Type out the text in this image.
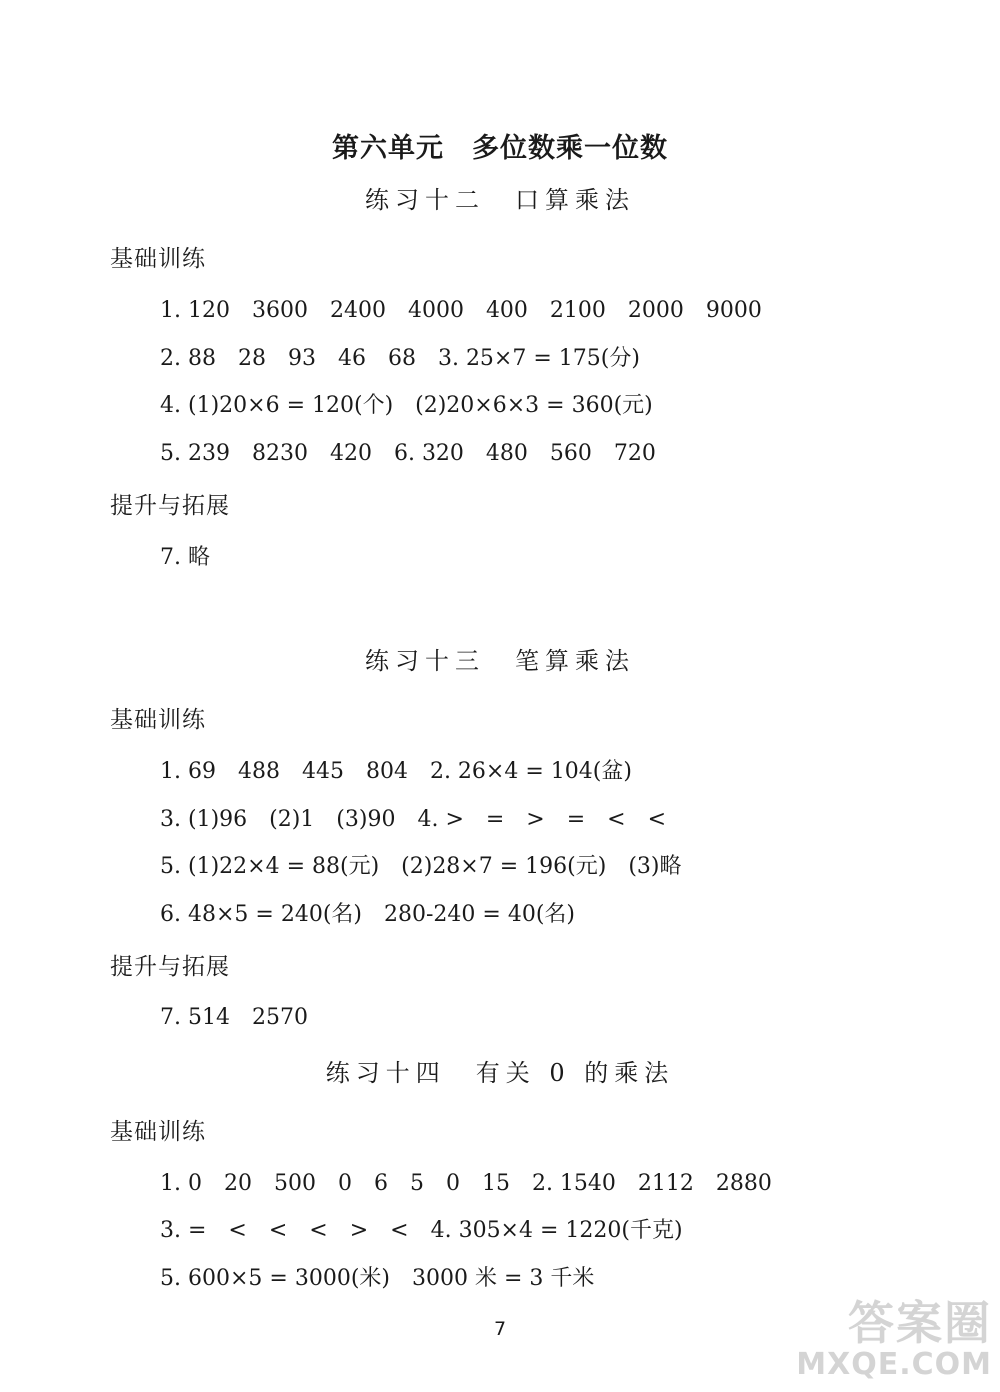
第六单元　多位数乘一位数
练习十二　口算乘法
基础训练
1. 120　3600　2400　4000　400　2100　2000　9000
2. 88　28　93　46　68　3. 25×7 = 175(分)
4. (1)20×6 = 120(个)　(2)20×6×3 = 360(元)
5. 239　8230　420　6. 320　480　560　720
提升与拓展
7. 略
练习十三　笔算乘法
基础训练
1. 69　488　445　804　2. 26×4 = 104(盆)
3. (1)96　(2)1　(3)90　4. >　=　>　=　<　<
5. (1)22×4 = 88(元)　(2)28×7 = 196(元)　(3)略
6. 48×5 = 240(名)　280-240 = 40(名)
提升与拓展
7. 514　2570
练习十四　有关 0 的乘法
基础训练
1. 0　20　500　0　6　5　0　15　2. 1540　2112　2880
3. =　<　<　<　>　<　4. 305×4 = 1220(千克)
5. 600×5 = 3000(米)　3000 米 = 3 千米
7	答案圈
MXQE.COM
